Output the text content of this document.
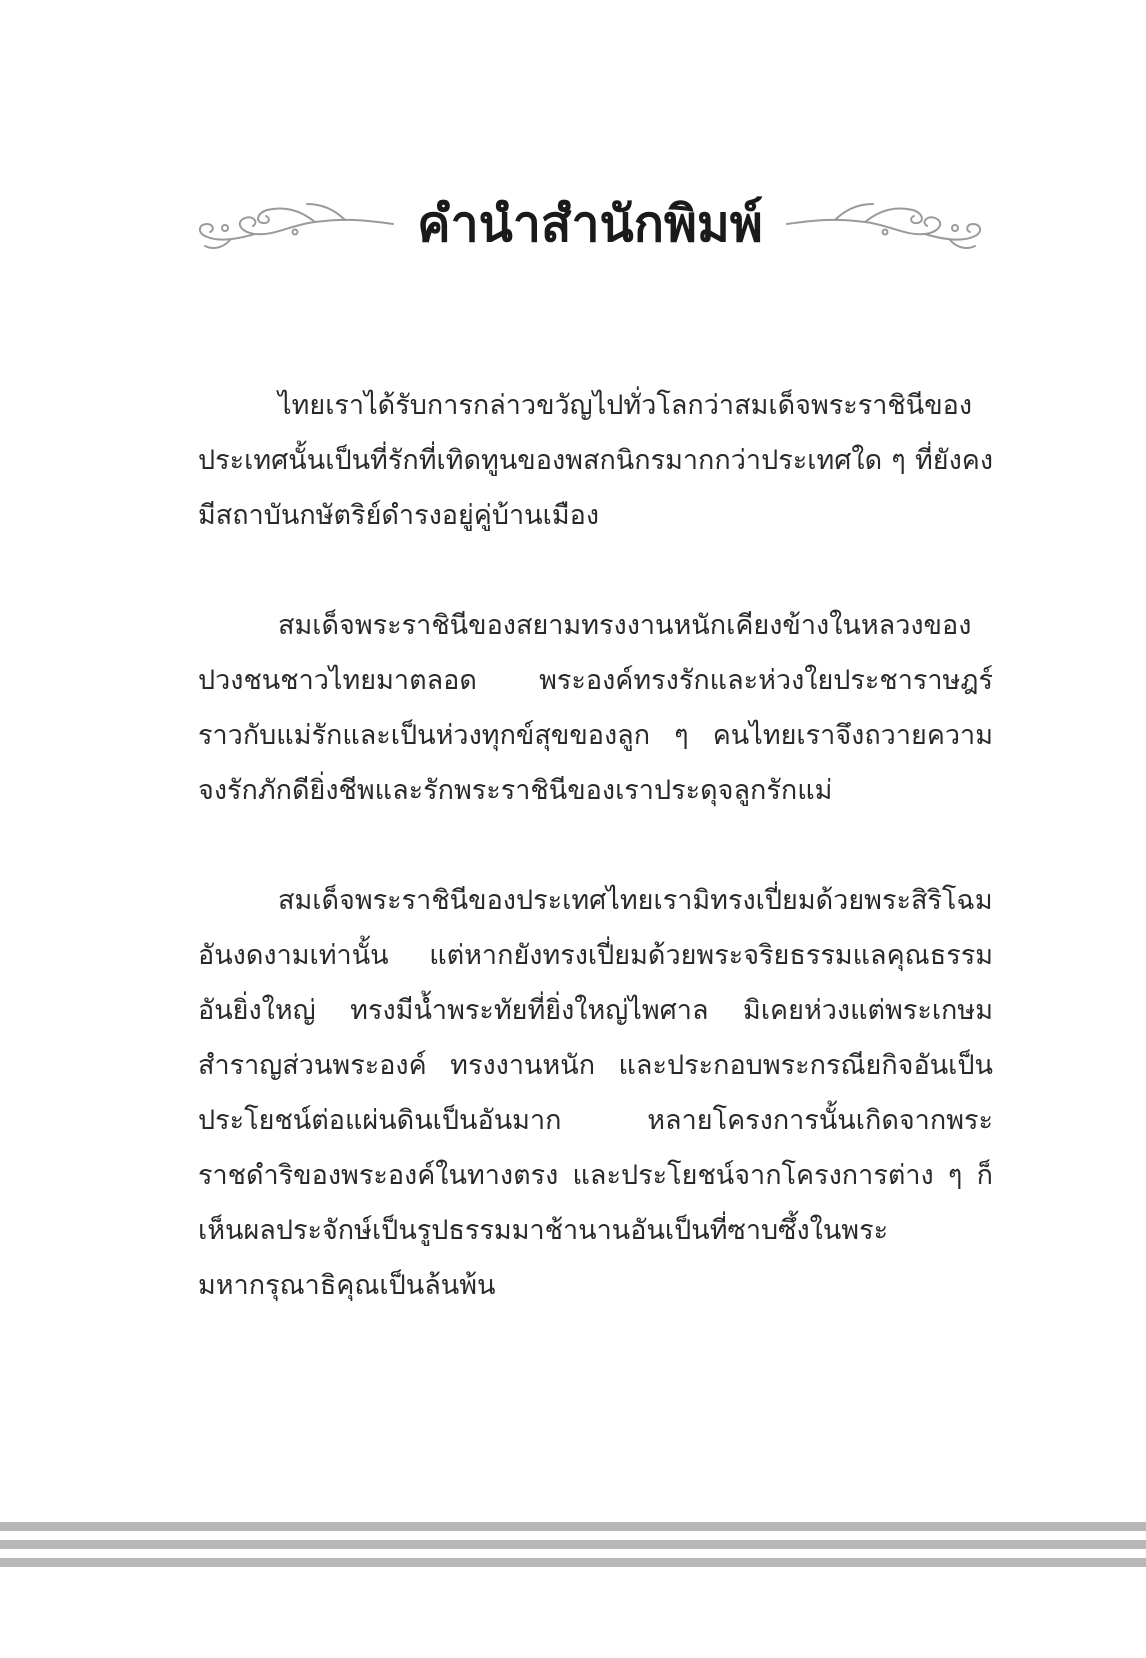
คำนำสำนักพิมพ์

ไทยเราได้รับการกล่าวขวัญไปทั่วโลกว่าสมเด็จพระราชินีของประเทศนั้นเป็นที่รักที่เทิดทูนของพสกนิกรมากกว่าประเทศใด ๆ ที่ยังคงมีสถาบันกษัตริย์ดำรงอยู่คู่บ้านเมือง

สมเด็จพระราชินีของสยามทรงงานหนักเคียงข้างในหลวงของปวงชนชาวไทยมาตลอด พระองค์ทรงรักและห่วงใยประชาราษฎร์ราวกับแม่รักและเป็นห่วงทุกข์สุขของลูก ๆ คนไทยเราจึงถวายความจงรักภักดียิ่งชีพและรักพระราชินีของเราประดุจลูกรักแม่

สมเด็จพระราชินีของประเทศไทยเรามิทรงเปี่ยมด้วยพระสิริโฉมอันงดงามเท่านั้น แต่หากยังทรงเปี่ยมด้วยพระจริยธรรมแลคุณธรรมอันยิ่งใหญ่ ทรงมีน้ำพระทัยที่ยิ่งใหญ่ไพศาล มิเคยห่วงแต่พระเกษมสำราญส่วนพระองค์ ทรงงานหนัก และประกอบพระกรณียกิจอันเป็นประโยชน์ต่อแผ่นดินเป็นอันมาก หลายโครงการนั้นเกิดจากพระราชดำริของพระองค์ในทางตรง และประโยชน์จากโครงการต่าง ๆ ก็เห็นผลประจักษ์เป็นรูปธรรมมาช้านานอันเป็นที่ซาบซึ้งในพระมหากรุณาธิคุณเป็นล้นพ้น
